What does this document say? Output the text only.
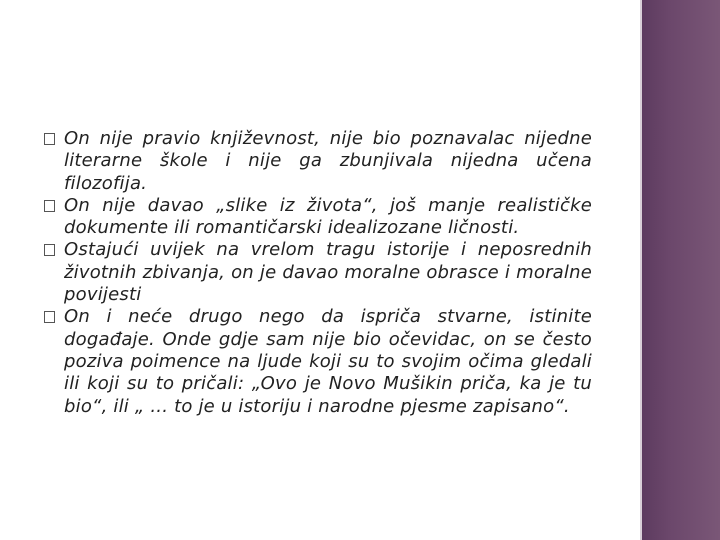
On nije pravio književnost, nije bio poznavalac nijedne literarne škole i nije ga zbunjivala nijedna učena filozofija.

On nije davao „slike iz života“, još manje realističke dokumente ili romantičarski idealizozane ličnosti.

Ostajući uvijek na vrelom tragu istorije i neposrednih životnih zbivanja, on je davao moralne obrasce i moralne povijesti

On i neće drugo nego da ispriča stvarne, istinite događaje. Onde gdje sam nije bio očevidac, on se često poziva poimence na ljude koji su to svojim očima gledali ili koji su to pričali: „Ovo je Novo Mušikin priča, ka je tu bio“, ili „ ... to je u istoriju i narodne pjesme zapisano“.
